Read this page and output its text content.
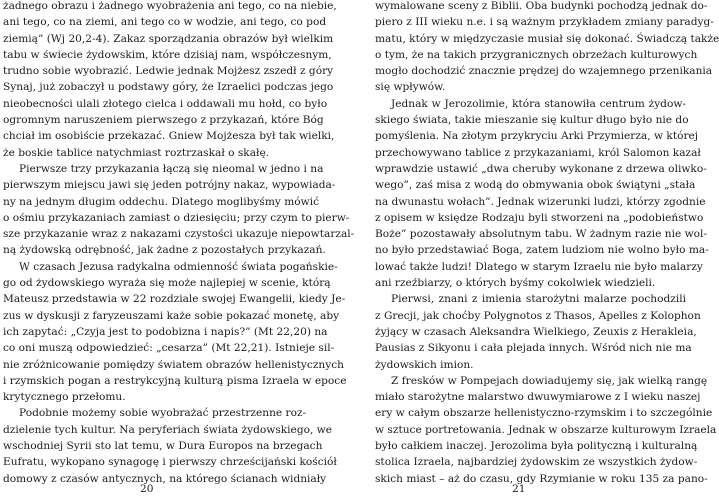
żadnego obrazu i żadnego wyobrażenia ani tego, co na niebie,
ani tego, co na ziemi, ani tego co w wodzie, ani tego, co pod
ziemią” (Wj 20,2-4). Zakaz sporządzania obrazów był wielkim
tabu w świecie żydowskim, które dzisiaj nam, współczesnym,
trudno sobie wyobrazić. Ledwie jednak Mojżesz zszedł z góry
Synaj, już zobaczył u podstawy góry, że Izraelici podczas jego
nieobecności ulali złotego cielca i oddawali mu hołd, co było
ogromnym naruszeniem pierwszego z przykazań, które Bóg
chciał im osobiście przekazać. Gniew Mojżesza był tak wielki,
że boskie tablice natychmiast roztrzaskał o skałę.
Pierwsze trzy przykazania łączą się nieomal w jedno i na
pierwszym miejscu jawi się jeden potrójny nakaz, wypowiada-
ny na jednym długim oddechu. Dlatego moglibyśmy mówić
o ośmiu przykazaniach zamiast o dziesięciu; przy czym to pierw-
sze przykazanie wraz z nakazami czystości ukazuje niepowtarzal-
ną żydowską odrębność, jak żadne z pozostałych przykazań.
W czasach Jezusa radykalna odmienność świata pogańskie-
go od żydowskiego wyraża się może najlepiej w scenie, którą
Mateusz przedstawia w 22 rozdziale swojej Ewangelii, kiedy Je-
zus w dyskusji z faryzeuszami każe sobie pokazać monetę, aby
ich zapytać: „Czyja jest to podobizna i napis?” (Mt 22,20) na
co oni muszą odpowiedzieć: „cesarza” (Mt 22,21). Istnieje sil-
nie zróżnicowanie pomiędzy światem obrazów hellenistycznych
i rzymskich pogan a restrykcyjną kulturą pisma Izraela w epoce
krytycznego przełomu.
Podobnie możemy sobie wyobrażać przestrzenne roz-
dzielenie tych kultur. Na peryferiach świata żydowskiego, we
wschodniej Syrii sto lat temu, w Dura Europos na brzegach
Eufratu, wykopano synagogę i pierwszy chrześcijański kościół
domowy z czasów antycznych, na którego ścianach widniały
wymalowane sceny z Biblii. Oba budynki pochodzą jednak do-
piero z III wieku n.e. i są ważnym przykładem zmiany paradyg-
matu, który w międzyczasie musiał się dokonać. Świadczą także
o tym, że na takich przygranicznych obrzeżach kulturowych
mogło dochodzić znacznie prędzej do wzajemnego przenikania
się wpływów.
Jednak w Jerozolimie, która stanowiła centrum żydow-
skiego świata, takie mieszanie się kultur długo było nie do
pomyślenia. Na złotym przykryciu Arki Przymierza, w której
przechowywano tablice z przykazaniami, król Salomon kazał
wprawdzie ustawić „dwa cheruby wykonane z drzewa oliwko-
wego”, zaś misa z wodą do obmywania obok świątyni „stała
na dwunastu wołach”. Jednak wizerunki ludzi, którzy zgodnie
z opisem w księdze Rodzaju byli stworzeni na „podobieństwo
Boże” pozostawały absolutnym tabu. W żadnym razie nie wol-
no było przedstawiać Boga, zatem ludziom nie wolno było ma-
lować także ludzi! Dlatego w starym Izraelu nie było malarzy
ani rzeźbiarzy, o których byśmy cokolwiek wiedzieli.
Pierwsi, znani z imienia starożytni malarze pochodzili
z Grecji, jak choćby Polygnotos z Thasos, Apelles z Kolophon
żyjący w czasach Aleksandra Wielkiego, Zeuxis z Herakleia,
Pausias z Sikyonu i cała plejada innych. Wśród nich nie ma
żydowskich imion.
Z fresków w Pompejach dowiadujemy się, jak wielką rangę
miało starożytne malarstwo dwuwymiarowe z I wieku naszej
ery w całym obszarze hellenistyczno-rzymskim i to szczególnie
w sztuce portretowania. Jednak w obszarze kulturowym Izraela
było całkiem inaczej. Jerozolima była polityczną i kulturalną
stolica Izraela, najbardziej żydowskim ze wszystkich żydow-
skich miast – aż do czasu, gdy Rzymianie w roku 135 za pano-
20	21
